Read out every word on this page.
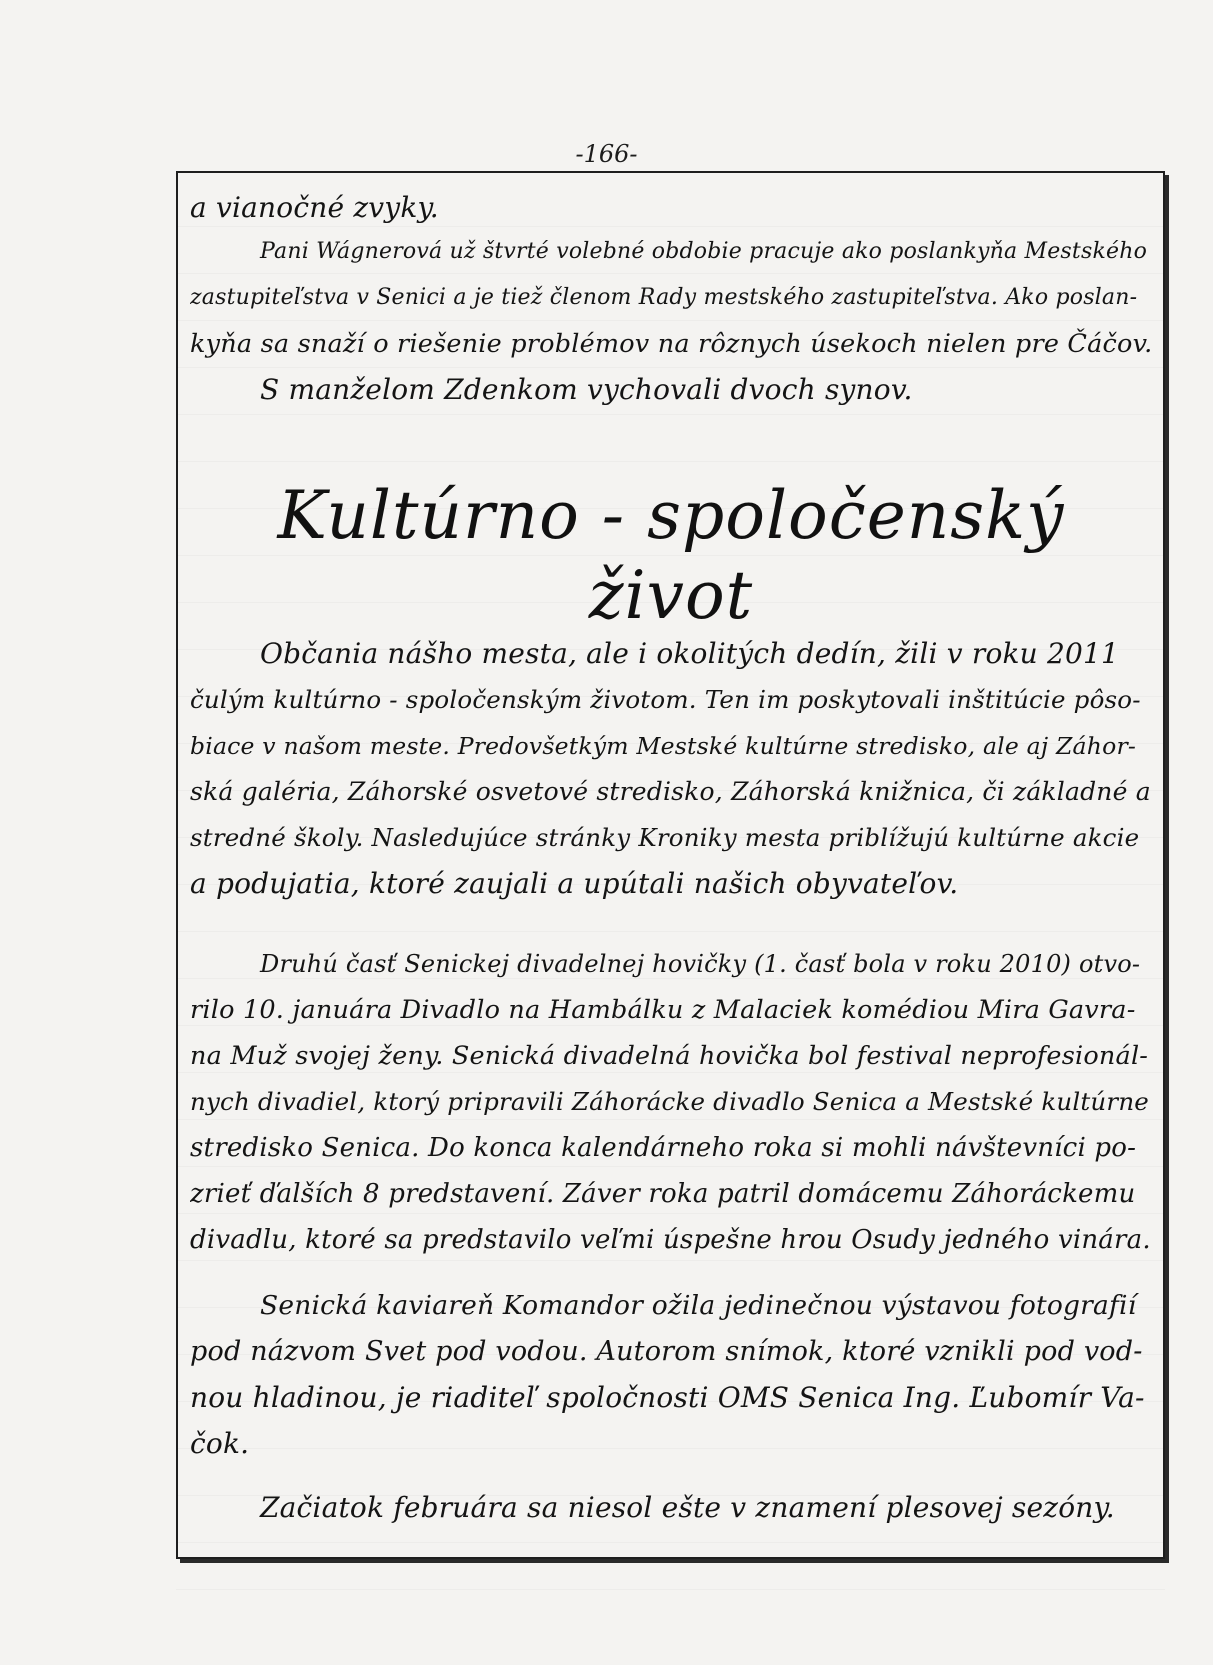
-166-
a vianočné zvyky.
Pani Wágnerová už štvrté volebné obdobie pracuje ako poslankyňa Mestského
zastupiteľstva v Senici a je tiež členom Rady mestského zastupiteľstva. Ako poslan-
kyňa sa snaží o riešenie problémov na rôznych úsekoch nielen pre Čáčov.
S manželom Zdenkom vychovali dvoch synov.
Kultúrno - spoločenský život
Občania nášho mesta, ale i okolitých dedín, žili v roku 2011
čulým kultúrno - spoločenským životom. Ten im poskytovali inštitúcie pôso-
biace v našom meste. Predovšetkým Mestské kultúrne stredisko, ale aj Záhor-
ská galéria, Záhorské osvetové stredisko, Záhorská knižnica, či základné a
stredné školy. Nasledujúce stránky Kroniky mesta priblížujú kultúrne akcie
a podujatia, ktoré zaujali a upútali našich obyvateľov.
Druhú časť Senickej divadelnej hovičky (1. časť bola v roku 2010) otvo-
rilo 10. januára Divadlo na Hambálku z Malaciek komédiou Mira Gavra-
na Muž svojej ženy. Senická divadelná hovička bol festival neprofesionál-
nych divadiel, ktorý pripravili Záhorácke divadlo Senica a Mestské kultúrne
stredisko Senica. Do konca kalendárneho roka si mohli návštevníci po-
zrieť ďalších 8 predstavení. Záver roka patril domácemu Záhoráckemu
divadlu, ktoré sa predstavilo veľmi úspešne hrou Osudy jedného vinára.
Senická kaviareň Komandor ožila jedinečnou výstavou fotografií
pod názvom Svet pod vodou. Autorom snímok, ktoré vznikli pod vod-
nou hladinou, je riaditeľ spoločnosti OMS Senica Ing. Ľubomír Va-
čok.
Začiatok februára sa niesol ešte v znamení plesovej sezóny.
